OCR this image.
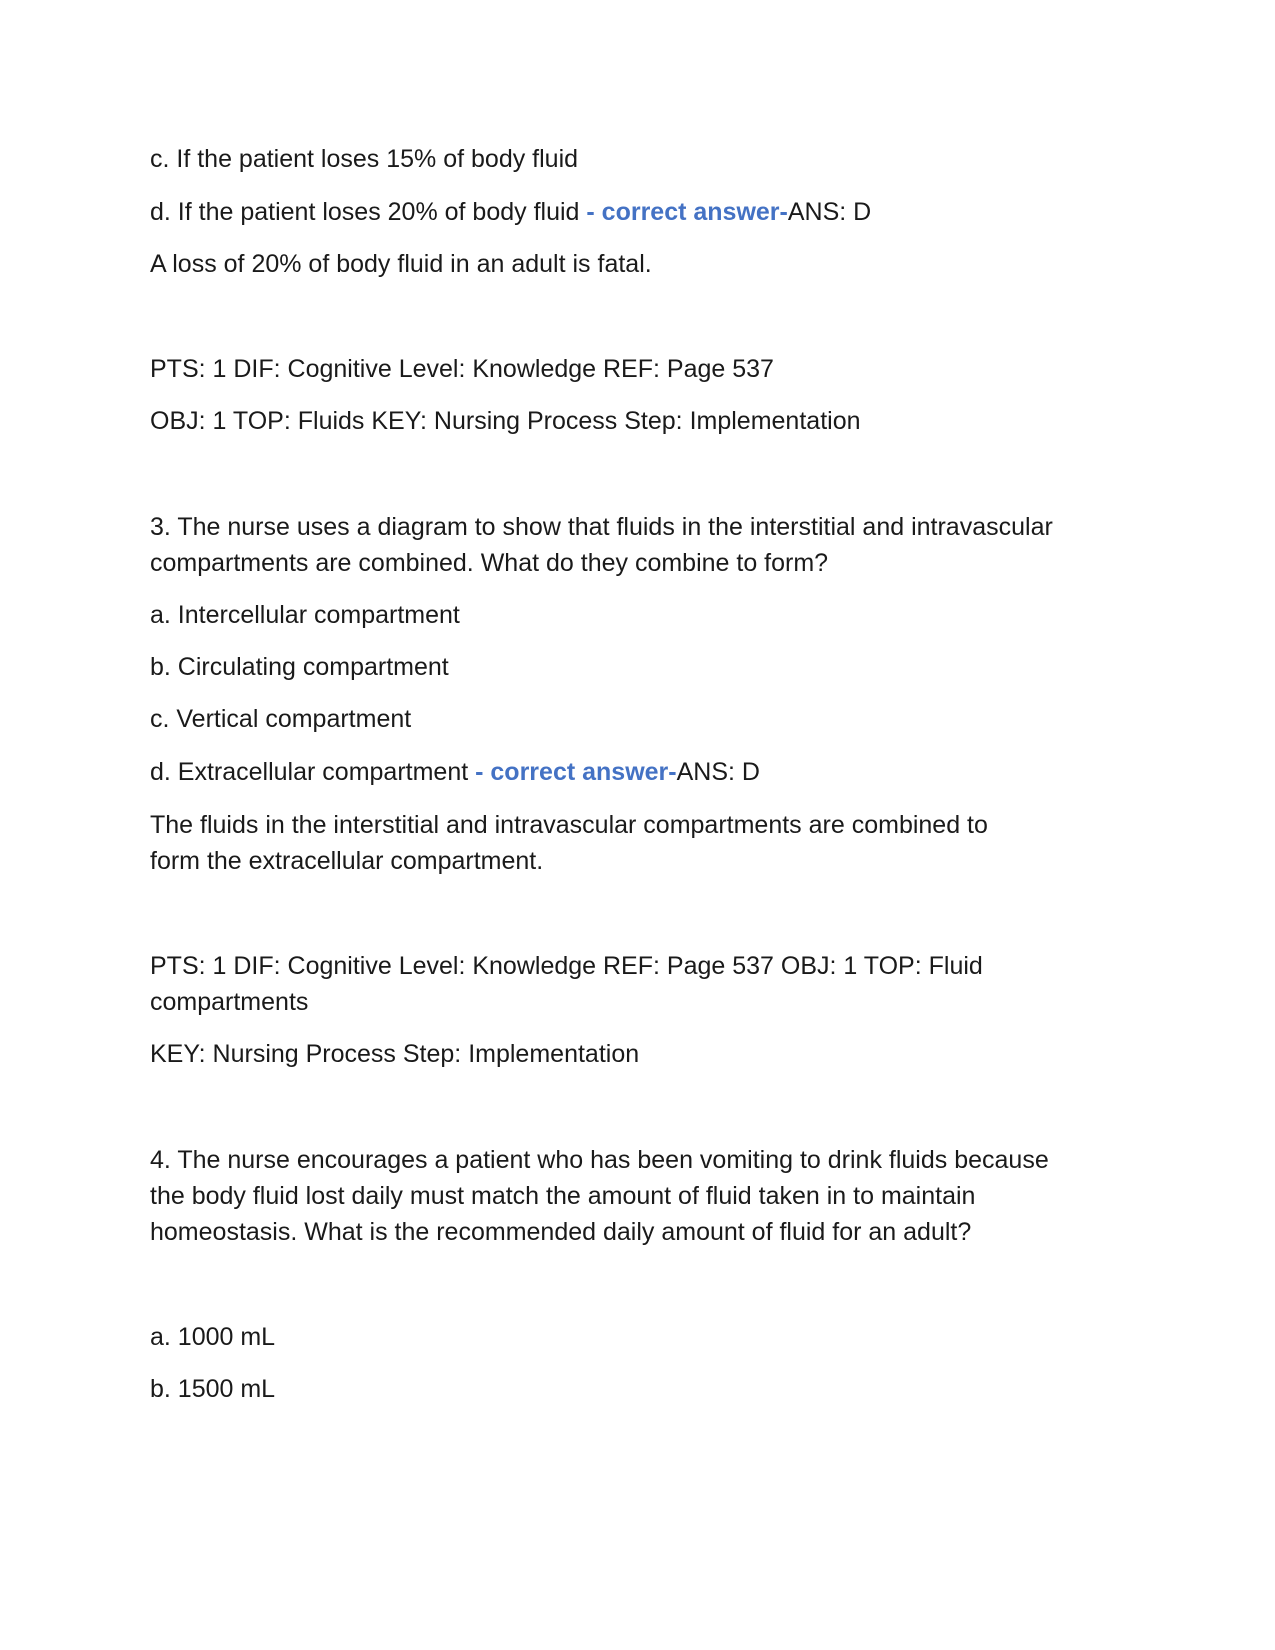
c. If the patient loses 15% of body fluid

d. If the patient loses 20% of body fluid - correct answer-ANS: D

A loss of 20% of body fluid in an adult is fatal.

PTS: 1 DIF: Cognitive Level: Knowledge REF: Page 537

OBJ: 1 TOP: Fluids KEY: Nursing Process Step: Implementation

3. The nurse uses a diagram to show that fluids in the interstitial and intravascular

compartments are combined. What do they combine to form?

a. Intercellular compartment

b. Circulating compartment

c. Vertical compartment

d. Extracellular compartment - correct answer-ANS: D

The fluids in the interstitial and intravascular compartments are combined to

form the extracellular compartment.

PTS: 1 DIF: Cognitive Level: Knowledge REF: Page 537 OBJ: 1 TOP: Fluid

compartments

KEY: Nursing Process Step: Implementation

4. The nurse encourages a patient who has been vomiting to drink fluids because

the body fluid lost daily must match the amount of fluid taken in to maintain

homeostasis. What is the recommended daily amount of fluid for an adult?

a. 1000 mL

b. 1500 mL
